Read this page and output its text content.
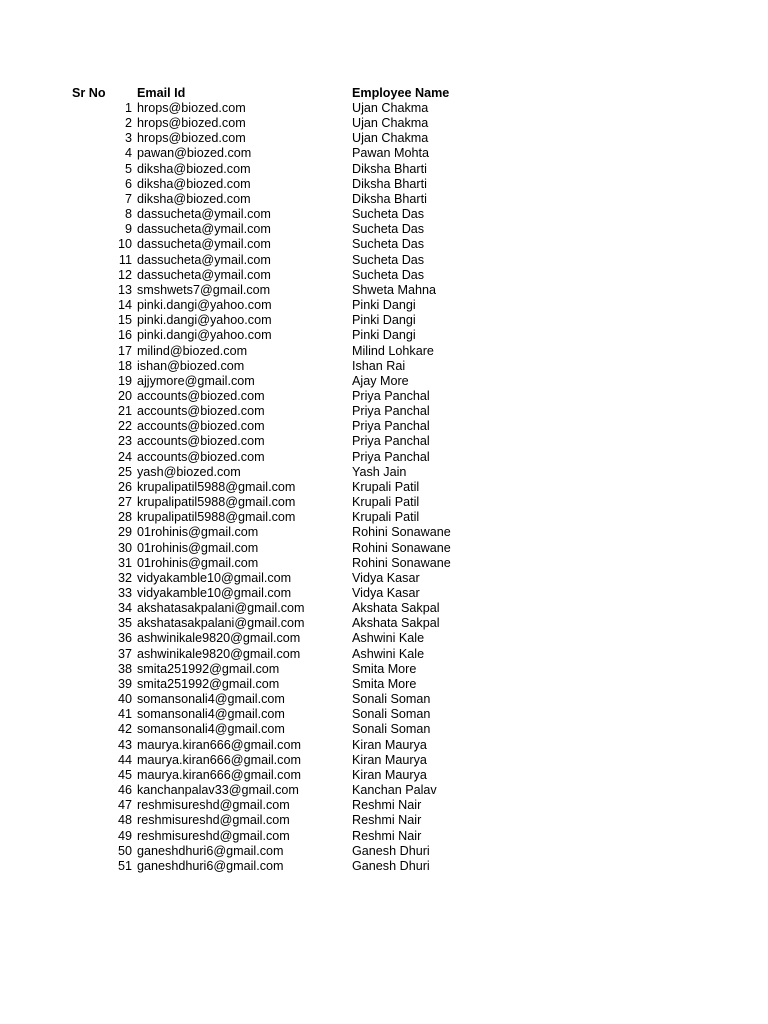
Sr No Email Id	Employee Name
1 hrops@biozed.com	Ujan Chakma
2 hrops@biozed.com	Ujan Chakma
3 hrops@biozed.com	Ujan Chakma
4 pawan@biozed.com	Pawan Mohta
5 diksha@biozed.com	Diksha Bharti
6 diksha@biozed.com	Diksha Bharti
7 diksha@biozed.com	Diksha Bharti
8 dassucheta@ymail.com	Sucheta Das
9 dassucheta@ymail.com	Sucheta Das
10 dassucheta@ymail.com	Sucheta Das
11 dassucheta@ymail.com	Sucheta Das
12 dassucheta@ymail.com	Sucheta Das
13 smshwets7@gmail.com	Shweta Mahna
14 pinki.dangi@yahoo.com	Pinki Dangi
15 pinki.dangi@yahoo.com	Pinki Dangi
16 pinki.dangi@yahoo.com	Pinki Dangi
17 milind@biozed.com	Milind Lohkare
18 ishan@biozed.com	Ishan Rai
19 ajjymore@gmail.com	Ajay More
20 accounts@biozed.com	Priya Panchal
21 accounts@biozed.com	Priya Panchal
22 accounts@biozed.com	Priya Panchal
23 accounts@biozed.com	Priya Panchal
24 accounts@biozed.com	Priya Panchal
25 yash@biozed.com	Yash Jain
26 krupalipatil5988@gmail.com	Krupali Patil
27 krupalipatil5988@gmail.com	Krupali Patil
28 krupalipatil5988@gmail.com	Krupali Patil
29 01rohinis@gmail.com	Rohini Sonawane
30 01rohinis@gmail.com	Rohini Sonawane
31 01rohinis@gmail.com	Rohini Sonawane
32 vidyakamble10@gmail.com	Vidya Kasar
33 vidyakamble10@gmail.com	Vidya Kasar
34 akshatasakpalani@gmail.com	Akshata Sakpal
35 akshatasakpalani@gmail.com	Akshata Sakpal
36 ashwinikale9820@gmail.com	Ashwini Kale
37 ashwinikale9820@gmail.com	Ashwini Kale
38 smita251992@gmail.com	Smita More
39 smita251992@gmail.com	Smita More
40 somansonali4@gmail.com	Sonali Soman
41 somansonali4@gmail.com	Sonali Soman
42 somansonali4@gmail.com	Sonali Soman
43 maurya.kiran666@gmail.com	Kiran Maurya
44 maurya.kiran666@gmail.com	Kiran Maurya
45 maurya.kiran666@gmail.com	Kiran Maurya
46 kanchanpalav33@gmail.com	Kanchan Palav
47 reshmisureshd@gmail.com	Reshmi Nair
48 reshmisureshd@gmail.com	Reshmi Nair
49 reshmisureshd@gmail.com	Reshmi Nair
50 ganeshdhuri6@gmail.com	Ganesh Dhuri
51 ganeshdhuri6@gmail.com	Ganesh Dhuri
